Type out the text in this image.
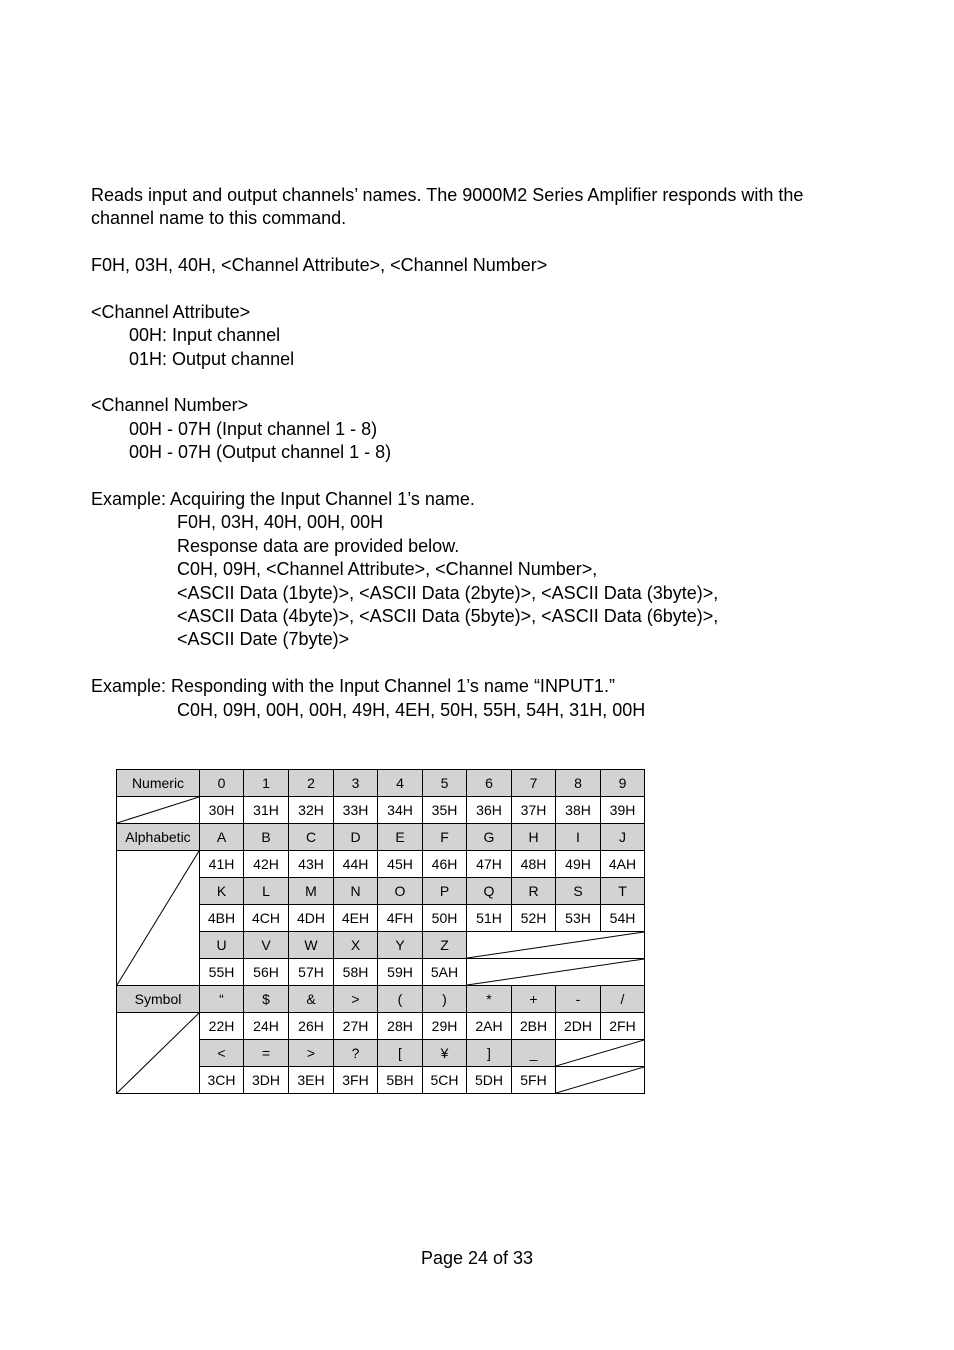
Reads input and output channels’ names. The 9000M2 Series Amplifier responds with the
channel name to this command.
F0H, 03H, 40H, <Channel Attribute>, <Channel Number>
<Channel Attribute>
00H: Input channel
01H: Output channel
<Channel Number>
00H - 07H (Input channel 1 - 8)
00H - 07H (Output channel 1 - 8)
Example: Acquiring the Input Channel 1’s name.
F0H, 03H, 40H, 00H, 00H
Response data are provided below.
C0H, 09H, <Channel Attribute>, <Channel Number>,
<ASCII Data (1byte)>, <ASCII Data (2byte)>, <ASCII Data (3byte)>,
<ASCII Data (4byte)>, <ASCII Data (5byte)>, <ASCII Data (6byte)>,
<ASCII Date (7byte)>
Example: Responding with the Input Channel 1’s name “INPUT1.”
C0H, 09H, 00H, 00H, 49H, 4EH, 50H, 55H, 54H, 31H, 00H
Numeric	0	1	2	3	4	5	6	7	8	9

	30H	31H	32H	33H	34H	35H	36H	37H	38H	39H
Alphabetic	A	B	C	D	E	F	G	H	I	J

	41H	42H	43H	44H	45H	46H	47H	48H	49H	4AH
	K	L	M	N	O	P	Q	R	S	T
	4BH	4CH	4DH	4EH	4FH	50H	51H	52H	53H	54H
	U	V	W	X	Y	Z	

	55H	56H	57H	58H	59H	5AH	

Symbol	“	$	&	>	(	)	*	+	-	/

	22H	24H	26H	27H	28H	29H	2AH	2BH	2DH	2FH
	<	=	>	?	[	¥	]	_	

	3CH	3DH	3EH	3FH	5BH	5CH	5DH	5FH	
Page 24 of 33
